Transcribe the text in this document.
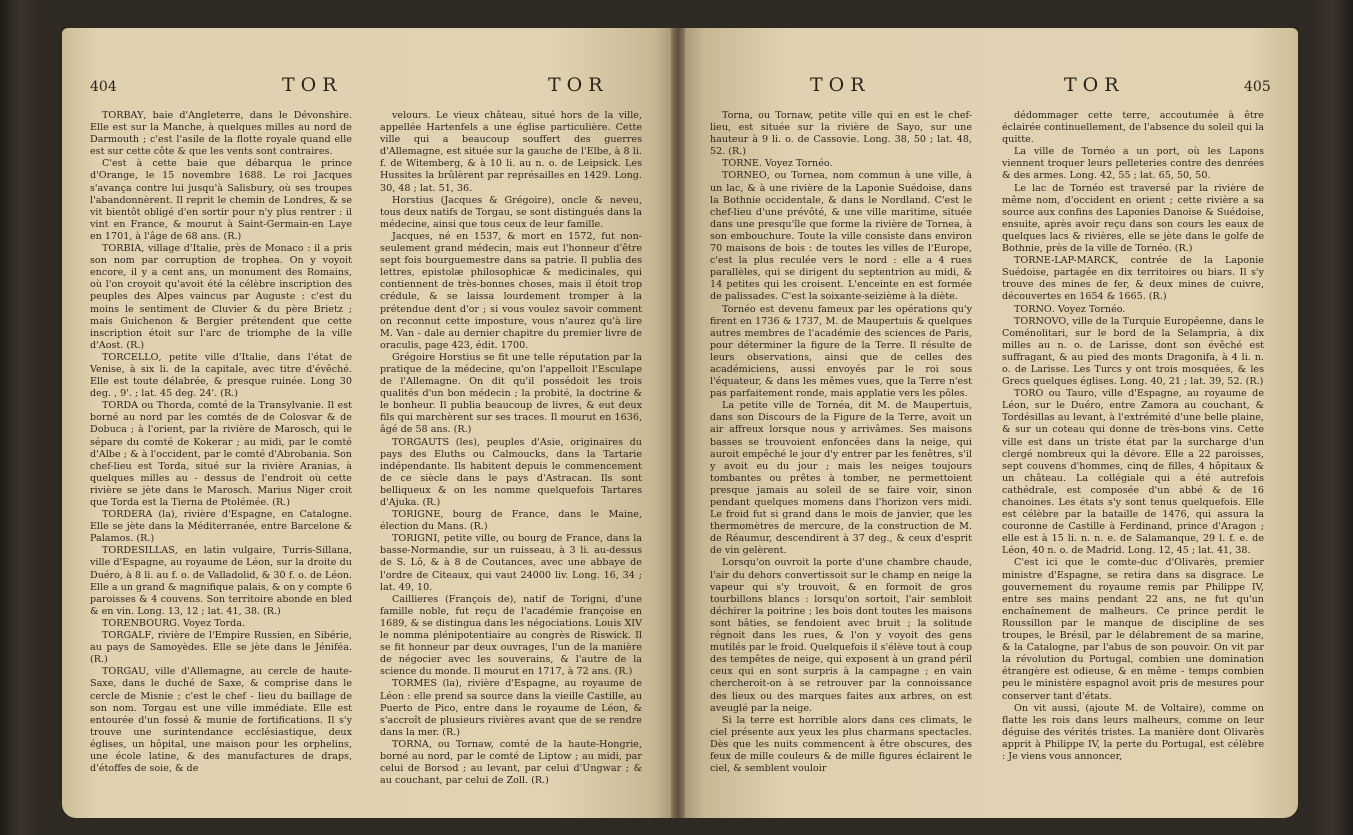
404	TOR	TOR

TORBAY, baie d'Angleterre, dans le Dévonshire. Elle est sur la Manche, à quelques milles au nord de Darmouth ; c'est l'asile de la flotte royale quand elle est sur cette côte & que les vents sont contraires.

C'est à cette baie que débarqua le prince d'Orange, le 15 novembre 1688. Le roi Jacques s'avança contre lui jusqu'à Salisbury, où ses troupes l'abandonnèrent. Il reprit le chemin de Londres, & se vit bientôt obligé d'en sortir pour n'y plus rentrer : il vint en France, & mourut à Saint-Germain-en Laye en 1701, à l'âge de 68 ans. (R.)

TORBIA, village d'Italie, près de Monaco : il a pris son nom par corruption de trophea. On y voyoit encore, il y a cent ans, un monument des Romains, où l'on croyoit qu'avoit été la célèbre inscription des peuples des Alpes vaincus par Auguste : c'est du moins le sentiment de Cluvier & du père Brietz ; mais Guichenon & Bergier prétendent que cette inscription étoit sur l'arc de triomphe de la ville d'Aost. (R.)

TORCELLO, petite ville d'Italie, dans l'état de Venise, à six li. de la capitale, avec titre d'évêché. Elle est toute délabrée, & presque ruinée. Long 30 deg. , 9'. ; lat. 45 deg. 24'. (R.)

TORDA ou Thorda, comté de la Transylvanie. Il est borné au nord par les comtés de de Colosvar & de Dobuca ; à l'orient, par la rivière de Marosch, qui le sépare du comté de Kokerar ; au midi, par le comté d'Albe ; & à l'occident, par le comté d'Abrobania. Son chef-lieu est Torda, situé sur la rivière Aranias, à quelques milles au - dessus de l'endroit où cette rivière se jète dans le Marosch. Marius Niger croit que Torda est la Tierna de Ptolémée. (R.)

TORDERA (la), rivière d'Espagne, en Catalogne. Elle se jète dans la Méditerranée, entre Barcelone & Palamos. (R.)

TORDESILLAS, en latin vulgaire, Turris-Sillana, ville d'Espagne, au royaume de Léon, sur la droite du Duéro, à 8 li. au f. o. de Valladolid, & 30 f. o. de Léon. Elle a un grand & magnifique palais, & on y compte 6 paroisses & 4 couvens. Son territoire abonde en bled & en vin. Long. 13, 12 ; lat. 41, 38. (R.)

TORENBOURG. Voyez Torda.

TORGALF, rivière de l'Empire Russien, en Sibérie, au pays de Samoyèdes. Elle se jète dans le Jéniféa. (R.)

TORGAU, ville d'Allemagne, au cercle de haute-Saxe, dans le duché de Saxe, & comprise dans le cercle de Misnie ; c'est le chef - lieu du baillage de son nom. Torgau est une ville immédiate. Elle est entourée d'un fossé & munie de fortifications. Il s'y trouve une surintendance ecclésiastique, deux églises, un hôpital, une maison pour les orphelins, une école latine, & des manufactures de draps, d'étoffes de soie, & de

velours. Le vieux château, situé hors de la ville, appellée Hartenfels a une église particulière. Cette ville qui a beaucoup souffert des guerres d'Allemagne, est située sur la gauche de l'Elbe, à 8 li. f. de Witemberg, & à 10 li. au n. o. de Leipsick. Les Hussites la brûlèrent par représailles en 1429. Long. 30, 48 ; lat. 51, 36.

Horstius (Jacques & Grégoire), oncle & neveu, tous deux natifs de Torgau, se sont distingués dans la médecine, ainsi que tous ceux de leur famille.

Jacques, né en 1537, & mort en 1572, fut non-seulement grand médecin, mais eut l'honneur d'être sept fois bourguemestre dans sa patrie. Il publia des lettres, epistolæ philosophicæ & medicinales, qui contiennent de très-bonnes choses, mais il étoit trop crédule, & se laissa lourdement tromper à la prétendue dent d'or ; si vous voulez savoir comment on reconnut cette imposture, vous n'aurez qu'à lire M. Van - dale au dernier chapitre du premier livre de oraculis, page 423, édit. 1700.

Grégoire Horstius se fit une telle réputation par la pratique de la médecine, qu'on l'appelloit l'Esculape de l'Allemagne. On dit qu'il possédoit les trois qualités d'un bon médecin ; la probité, la doctrine & le bonheur. Il publia beaucoup de livres, & eut deux fils qui marchèrent sur ses traces. Il mourut en 1636, âgé de 58 ans. (R.)

TORGAUTS (les), peuples d'Asie, originaires du pays des Eluths ou Calmoucks, dans la Tartarie indépendante. Ils habitent depuis le commencement de ce siècle dans le pays d'Astracan. Ils sont belliqueux & on les nomme quelquefois Tartares d'Ajuka. (R.)

TORIGNE, bourg de France, dans le Maine, élection du Mans. (R.)

TORIGNI, petite ville, ou bourg de France, dans la basse-Normandie, sur un ruisseau, à 3 li. au-dessus de S. Lô, & à 8 de Coutances, avec une abbaye de l'ordre de Citeaux, qui vaut 24000 liv. Long. 16, 34 ; lat. 49, 10.

Caillieres (François de), natif de Torigni, d'une famille noble, fut reçu de l'académie françoise en 1689, & se distingua dans les négociations. Louis XIV le nomma plénipotentiaire au congrès de Riswick. Il se fit honneur par deux ouvrages, l'un de la manière de négocier avec les souverains, & l'autre de la science du monde. Il mourut en 1717, à 72 ans. (R.)

TORMES (la), rivière d'Espagne, au royaume de Léon : elle prend sa source dans la vieille Castille, au Puerto de Pico, entre dans le royaume de Léon, & s'accroît de plusieurs rivières avant que de se rendre dans la mer. (R.)

TORNA, ou Tornaw, comté de la haute-Hongrie, borné au nord, par le comté de Liptow ; au midi, par celui de Borsod ; au levant, par celui d'Ungwar ; & au couchant, par celui de Zoll. (R.)

TOR	TOR	405

Torna, ou Tornaw, petite ville qui en est le chef-lieu, est située sur la rivière de Sayo, sur une hauteur à 9 li. o. de Cassovie. Long. 38, 50 ; lat. 48, 52. (R.)

TORNE. Voyez Tornéo.

TORNEO, ou Tornea, nom commun à une ville, à un lac, & à une rivière de la Laponie Suédoise, dans la Bothnie occidentale, & dans le Nordland. C'est le chef-lieu d'une prévôté, & une ville maritime, située dans une presqu'île que forme la rivière de Tornea, à son embouchure. Toute la ville consiste dans environ 70 maisons de bois : de toutes les villes de l'Europe, c'est la plus reculée vers le nord : elle a 4 rues parallèles, qui se dirigent du septentrion au midi, & 14 petites qui les croisent. L'enceinte en est formée de palissades. C'est la soixante-seizième à la diète.

Tornéo est devenu fameux par les opérations qu'y firent en 1736 & 1737, M. de Maupertuis & quelques autres membres de l'académie des sciences de Paris, pour déterminer la figure de la Terre. Il résulte de leurs observations, ainsi que de celles des académiciens, aussi envoyés par le roi sous l'équateur, & dans les mêmes vues, que la Terre n'est pas parfaitement ronde, mais applatie vers les pôles.

La petite ville de Tornéa, dit M. de Maupertuis, dans son Discours de la Figure de la Terre, avoit un air affreux lorsque nous y arrivâmes. Ses maisons basses se trouvoient enfoncées dans la neige, qui auroit empêché le jour d'y entrer par les fenêtres, s'il y avoit eu du jour ; mais les neiges toujours tombantes ou prêtes à tomber, ne permettoient presque jamais au soleil de se faire voir, sinon pendant quelques momens dans l'horizon vers midi. Le froid fut si grand dans le mois de janvier, que les thermomètres de mercure, de la construction de M. de Réaumur, descendirent à 37 deg., & ceux d'esprit de vin gelèrent.

Lorsqu'on ouvroit la porte d'une chambre chaude, l'air du dehors convertissoit sur le champ en neige la vapeur qui s'y trouvoit, & en formoit de gros tourbillons blancs : lorsqu'on sortoit, l'air sembloit déchirer la poitrine ; les bois dont toutes les maisons sont bâties, se fendoient avec bruit ; la solitude régnoit dans les rues, & l'on y voyoit des gens mutilés par le froid. Quelquefois il s'élève tout à coup des tempêtes de neige, qui exposent à un grand péril ceux qui en sont surpris à la campagne ; en vain chercheroit-on à se retrouver par la connoissance des lieux ou des marques faites aux arbres, on est aveuglé par la neige.

Si la terre est horrible alors dans ces climats, le ciel présente aux yeux les plus charmans spectacles. Dès que les nuits commencent à être obscures, des feux de mille couleurs & de mille figures éclairent le ciel, & semblent vouloir

dédommager cette terre, accoutumée à être éclairée continuellement, de l'absence du soleil qui la quitte.

La ville de Tornéo a un port, où les Lapons viennent troquer leurs pelleteries contre des denrées & des armes. Long. 42, 55 ; lat. 65, 50, 50.

Le lac de Tornéo est traversé par la rivière de même nom, d'occident en orient ; cette rivière a sa source aux confins des Laponies Danoise & Suédoise, ensuite, après avoir reçu dans son cours les eaux de quelques lacs & rivières, elle se jète dans le golfe de Bothnie, près de la ville de Tornéo. (R.)

TORNE-LAP-MARCK, contrée de la Laponie Suédoise, partagée en dix territoires ou biars. Il s'y trouve des mines de fer, & deux mines de cuivre, découvertes en 1654 & 1665. (R.)

TORNO. Voyez Tornéo.

TORNOVO, ville de la Turquie Européenne, dans le Coménolitari, sur le bord de la Selampria, à dix milles au n. o. de Larisse, dont son évêché est suffragant, & au pied des monts Dragonifa, à 4 li. n. o. de Larisse. Les Turcs y ont trois mosquées, & les Grecs quelques églises. Long. 40, 21 ; lat. 39, 52. (R.)

TORO ou Tauro, ville d'Espagne, au royaume de Léon, sur le Duéro, entre Zamora au couchant, & Tordésillas au levant, à l'extrémité d'une belle plaine, & sur un coteau qui donne de très-bons vins. Cette ville est dans un triste état par la surcharge d'un clergé nombreux qui la dévore. Elle a 22 paroisses, sept couvens d'hommes, cinq de filles, 4 hôpitaux & un château. La collégiale qui a été autrefois cathédrale, est composée d'un abbé & de 16 chanoines. Les états s'y sont tenus quelquefois. Elle est célèbre par la bataille de 1476, qui assura la couronne de Castille à Ferdinand, prince d'Aragon ; elle est à 15 li. n. n. e. de Salamanque, 29 l. f. e. de Léon, 40 n. o. de Madrid. Long. 12, 45 ; lat. 41, 38.

C'est ici que le comte-duc d'Olivarès, premier ministre d'Espagne, se retira dans sa disgrace. Le gouvernement du royaume remis par Philippe IV, entre ses mains pendant 22 ans, ne fut qu'un enchaînement de malheurs. Ce prince perdit le Roussillon par le manque de discipline de ses troupes, le Brésil, par le délabrement de sa marine, & la Catalogne, par l'abus de son pouvoir. On vit par la révolution du Portugal, combien une domination étrangère est odieuse, & en même - temps combien peu le ministère espagnol avoit pris de mesures pour conserver tant d'états.

On vit aussi, (ajoute M. de Voltaire), comme on flatte les rois dans leurs malheurs, comme on leur déguise des vérités tristes. La manière dont Olivarès apprit à Philippe IV, la perte du Portugal, est célèbre : Je viens vous annoncer,
